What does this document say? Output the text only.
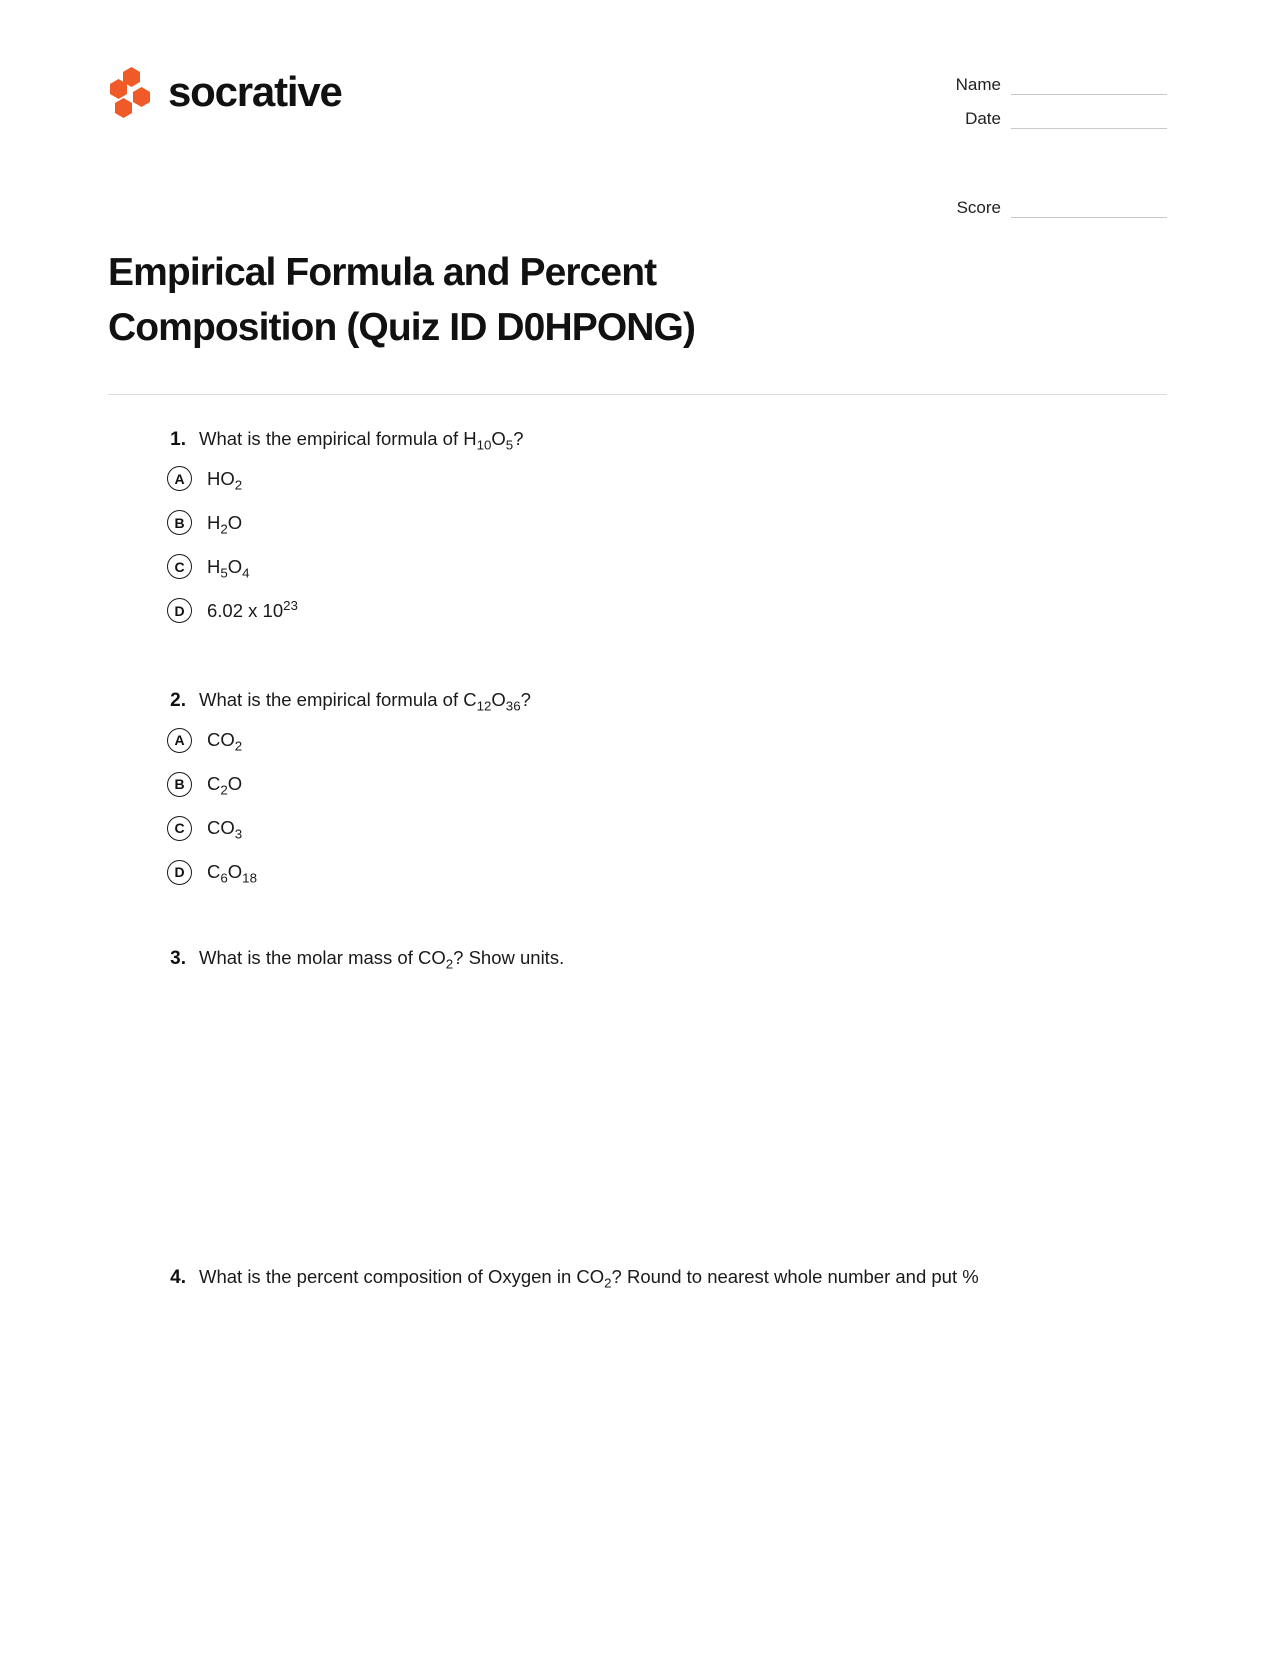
socrative	Name
Date
Score
Empirical Formula and Percent Composition (Quiz ID D0HPONG)
1. What is the empirical formula of $H_{10}O_5$?
A	$HO_2$
B	$H_2O$
C	$H_5O_4$
D	6.02 x $10^{23}$
2. What is the empirical formula of $C_{12}O_{36}$?
A	$CO_2$
B	$C_2O$
C	$CO_3$
D	$C_6O_{18}$
3. What is the molar mass of $CO_2$? Show units.
4. What is the percent composition of Oxygen in $CO_2$? Round to nearest whole number and put %
